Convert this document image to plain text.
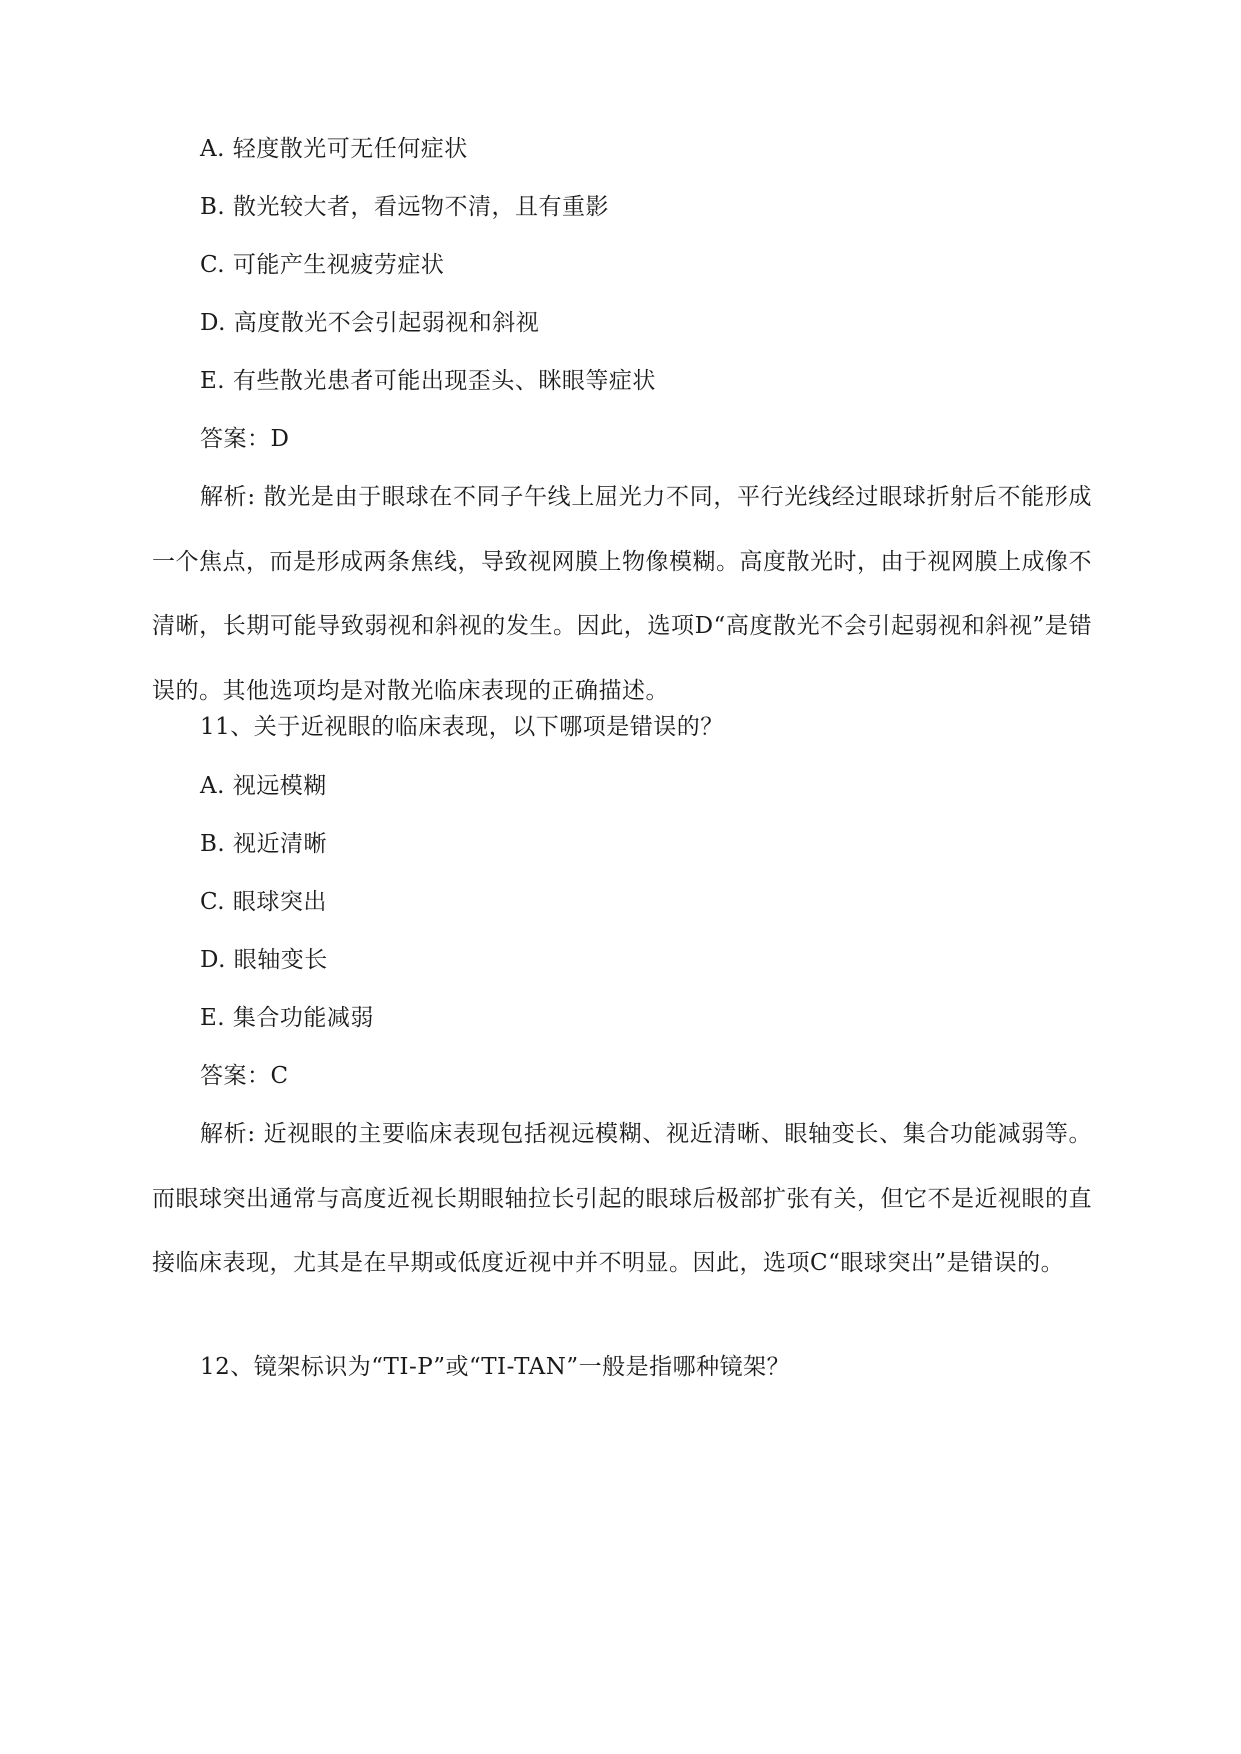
A. 轻度散光可无任何症状
B. 散光较大者，看远物不清，且有重影
C. 可能产生视疲劳症状
D. 高度散光不会引起弱视和斜视
E. 有些散光患者可能出现歪头、眯眼等症状
答案：D
解析: 散光是由于眼球在不同子午线上屈光力不同，平行光线经过眼球折射后不能形成一个焦点，而是形成两条焦线，导致视网膜上物像模糊。高度散光时，由于视网膜上成像不清晰，长期可能导致弱视和斜视的发生。因此，选项D“高度散光不会引起弱视和斜视”是错误的。其他选项均是对散光临床表现的正确描述。
11、关于近视眼的临床表现，以下哪项是错误的？
A. 视远模糊
B. 视近清晰
C. 眼球突出
D. 眼轴变长
E. 集合功能减弱
答案：C
解析: 近视眼的主要临床表现包括视远模糊、视近清晰、眼轴变长、集合功能减弱等。而眼球突出通常与高度近视长期眼轴拉长引起的眼球后极部扩张有关，但它不是近视眼的直接临床表现，尤其是在早期或低度近视中并不明显。因此，选项C“眼球突出”是错误的。
12、镜架标识为“TI-P”或“TI-TAN”一般是指哪种镜架？
